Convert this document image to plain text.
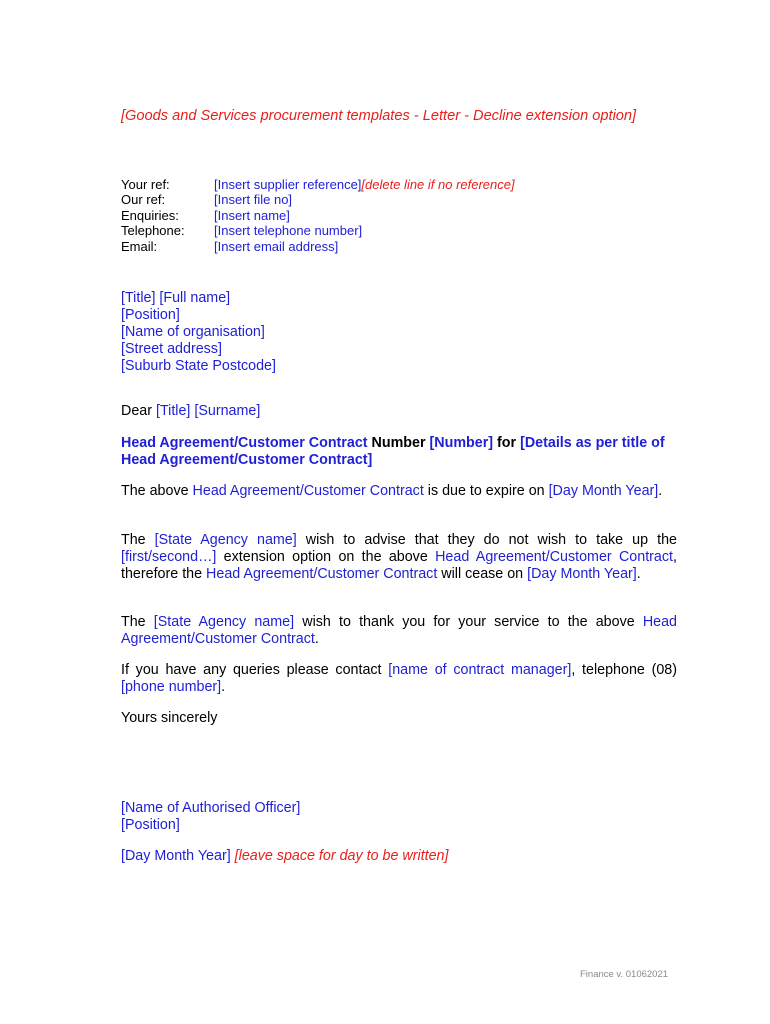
[Goods and Services procurement templates - Letter - Decline extension option]
Your ref:	[Insert supplier reference][delete line if no reference]
Our ref:	[Insert file no]
Enquiries:	[Insert name]
Telephone:	[Insert telephone number]
Email:	[Insert email address]
[Title] [Full name]
[Position]
[Name of organisation]
[Street address]
[Suburb State Postcode]

Dear [Title] [Surname]

Head Agreement/Customer Contract Number [Number] for [Details as per title of Head Agreement/Customer Contract]

The above Head Agreement/Customer Contract is due to expire on [Day Month Year].

The [State Agency name] wish to advise that they do not wish to take up the [first/second…] extension option on the above Head Agreement/Customer Contract, therefore the Head Agreement/Customer Contract will cease on [Day Month Year].

The [State Agency name] wish to thank you for your service to the above Head Agreement/Customer Contract.

If you have any queries please contact [name of contract manager], telephone (08) [phone number].

Yours sincerely

[Name of Authorised Officer]
[Position]
[Day Month Year] [leave space for day to be written]
Finance v. 01062021
